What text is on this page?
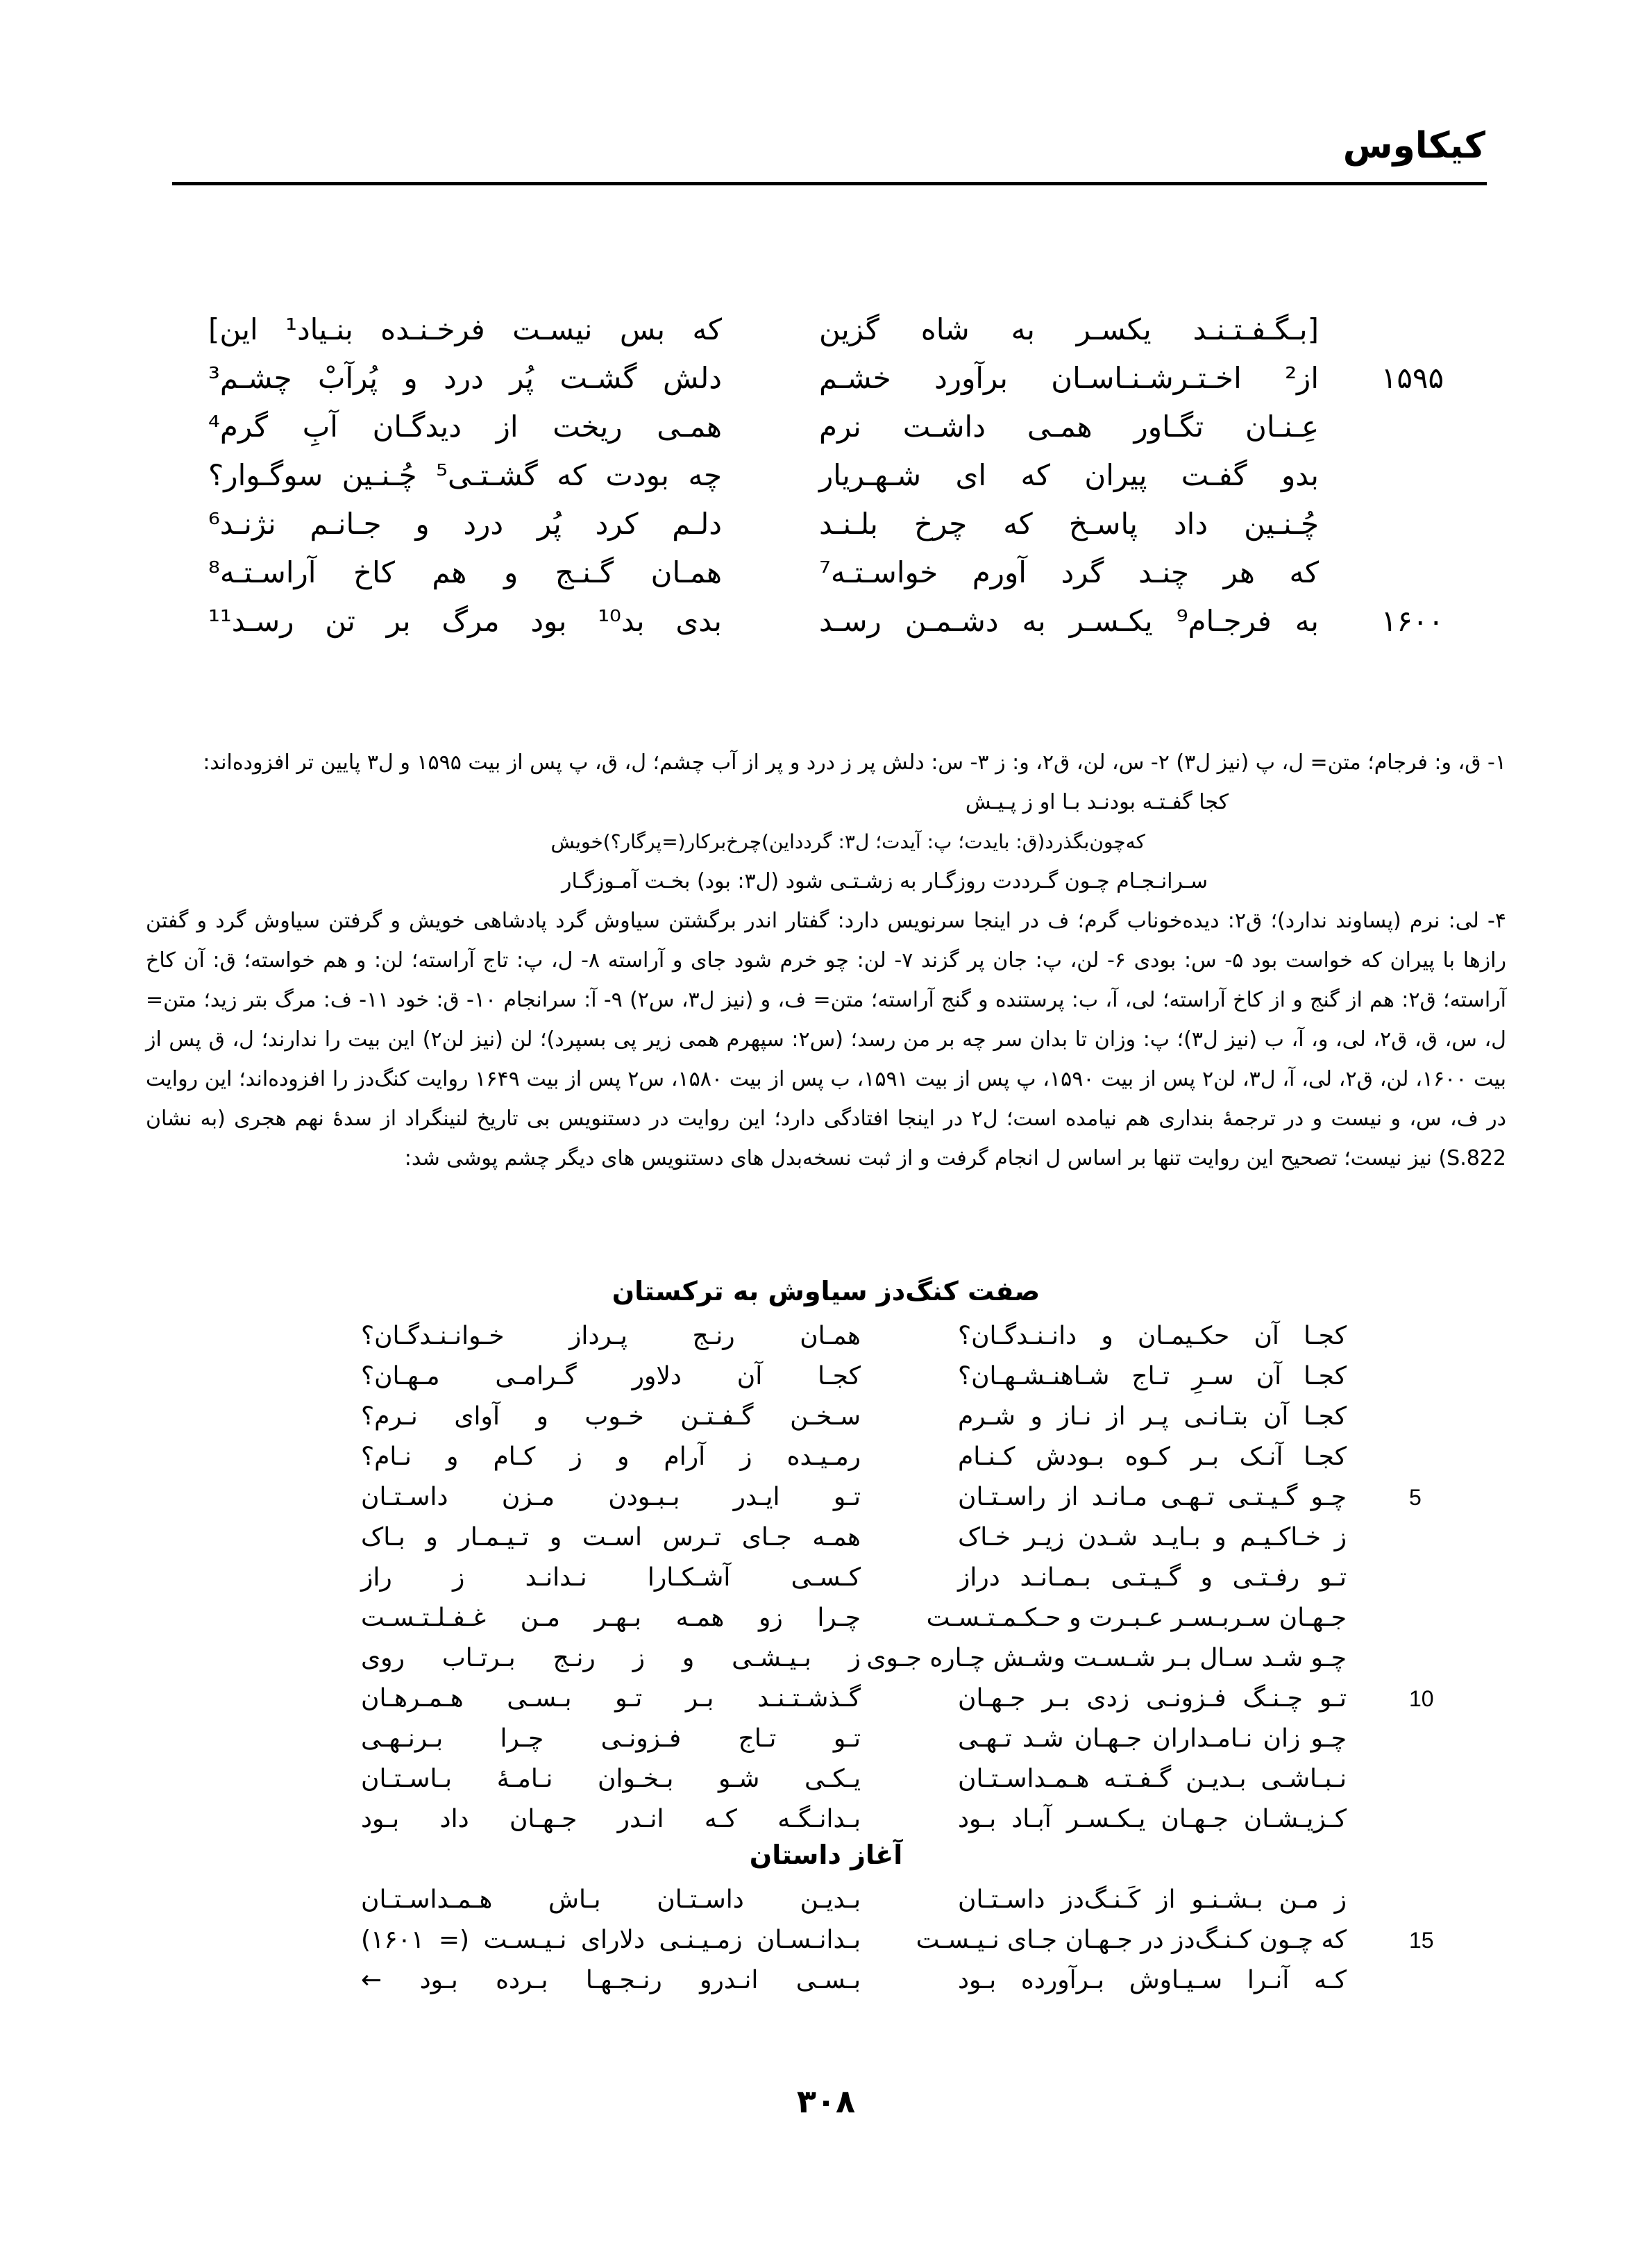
کیکاوس
[بـگـفـتـنـد یکسـر به شاه گزین
که بس نیسـت فرخـنـده بنـیاد¹ این]
۱۵۹۵
از² اخـتـرشـنـاسـان برآورد خشـم
دلش گشـت پُر درد و پُرآبْ چشـم³
عِـنـان تگـاور همـی داشـت نرم
همـی ریخت از دیدگـان آبِ گرم⁴
بدو گفـت پیران که ای شـهـریار
چه بودت که گشـتـی⁵ چُـنـین سوگـوار؟
چُـنـین داد پاسـخ که چرخ بلـنـد
دلـم کرد پُر درد و جـانـم نژنـد⁶
که هر چنـد گرد آورم خواسـتـه⁷
همـان گـنـج و هم کاخ آراسـتـه⁸
۱۶۰۰
به فرجـام⁹ یکـسـر به دشـمـن رسـد
بدی بد¹⁰ بود مرگ بر تن رسـد¹¹

۱- ق، و: فرجام؛ متن= ل، پ (نیز ل۳) ۲- س، لن، ق۲، و: ز ۳- س: دلش پر ز درد و پر از آب چشم؛ ل، ق، پ پس از بیت ۱۵۹۵ و ل۳ پایین تر افزوده‌اند:

کجا گفـتـه بودنـد بـا او ز پـیـش
که‌چون‌بگذرد(ق: بایدت؛ پ: آیدت؛ ل۳: گرددا‌ین)چرخ‌برکار(=پرگار؟)خویش
سـرانـجـام چـون گـرددت روزگـار به زشـتـی شود (ل۳: بود) بخـت آمـوزگـار

۴- لی: نرم (پساوند ندارد)؛ ق۲: دیده‌خوناب گرم؛ ف در اینجا سرنویس دارد: گفتار اندر برگشتن سیاوش گرد پادشاهی خویش و گرفتن سیاوش گرد و گفتن رازها با پیران که خواست بود ۵- س: بودی ۶- لن، پ: جان پر گزند ۷- لن: چو خرم شود جای و آراسته ۸- ل، پ: تاج آراسته؛ لن: و هم خواسته؛ ق: آن کاخ آراسته؛ ق۲: هم از گنج و از کاخ آراسته؛ لی، آ، ب: پرستنده و گنج آراسته؛ متن= ف، و (نیز ل۳، س۲) ۹- آ: سرانجام ۱۰- ق: خود ۱۱- ف: مرگ بتر زید؛ متن= ل، س، ق، ق۲، لی، و، آ، ب (نیز ل۳)؛ پ: وزان تا بدان سر چه بر من رسد؛ (س۲: سپهرم همی زیر پی بسپرد)؛ لن (نیز لن۲) این بیت را ندارند؛ ل، ق پس از بیت ۱۶۰۰، لن، ق۲، لی، آ، ل۳، لن۲ پس از بیت ۱۵۹۰، پ پس از بیت ۱۵۹۱، ب پس از بیت ۱۵۸۰، س۲ پس از بیت ۱۶۴۹ روایت کنگ‌دز را افزوده‌اند؛ این روایت در ف، س، و نیست و در ترجمهٔ بنداری هم نیامده است؛ ل۲ در اینجا افتادگی دارد؛ این روایت در دستنویس بی تاریخ لنینگراد از سدهٔ نهم هجری (به نشان S.822) نیز نیست؛ تصحیح این روایت تنها بر اساس ل انجام گرفت و از ثبت نسخه‌بدل های دستنویس های دیگر چشم پوشی شد:

صفت کنگ‌دز سیاوش به ترکستان
کجـا آن حکـیمـان و دانـنـدگـان؟
همـان رنـج پـرداز خـوانـنـدگـان؟
کجـا آن سـرِ تـاج شـاهنـشـهـان؟
کجـا آن دلاور گـرامـی مـهـان؟
کجـا آن بتـانـی پـر از نـاز و شـرم
سـخـن گـفـتـن خـوب و آوای نـرم؟
کجـا آنـک بـر کـوه بـودش کـنـام
رمـیـده ز آرام و ز کـام و نـام؟
5
چـو گـیـتـی تـهـی مـانـد از راسـتـان
تـو ایـدر بـبـودن مـزن داسـتـان
ز خـاکـیـم و بـایـد شـدن زیـر خـاک
همـه جـای تـرس اسـت و تـیـمـار و بـاک
تـو رفـتـی و گـیـتـی بـمـانـد دراز
کـسـی آشـکـارا نـدانـد ز راز
جـهـان سـربـسـر عـبـرت و حـکـمـتـسـت
چـرا زو همـه بـهـر مـن غـفـلـتـسـت
چـو شـد سـال بـر شـسـت وشـش چـاره جـوی
ز بـیـشـی و ز رنـج بـرتـاب روی
10
تـو چـنـگ فـزونـی زدی بـر جـهـان
گـذشـتـنـد بـر تـو بـسـی هـمـرهـان
چـو زان نـامـداران جـهـان شـد تـهـی
تـو تـاج فـزونـی چـرا بـرنـهـی
نـبـاشـی بـدیـن گـفـتـه هـمـداسـتـان
یـکـی شـو بـخـوان نـامـهٔ بـاسـتـان
کـزیـشـان جـهـان یـکـسـر آبـاد بـود
بـدانـگـه کـه انـدر جـهـان داد بـود
آغاز داستان
ز مـن بـشـنـو از کَـنـگ‌دز داسـتـان
بـدیـن داسـتـان بـاش هـمـداسـتـان
15
که چـون کـنـگ‌دز در جـهـان جـای نـیـسـت
بـدانـسـان زمـیـنـی دلارای نـیـسـت (= ۱۶۰۱)
کـه آنـرا سـیـاوش بـرآورده بـود
بـسـی انـدرو رنـجـهـا بـرده بـود ←
۳۰۸
